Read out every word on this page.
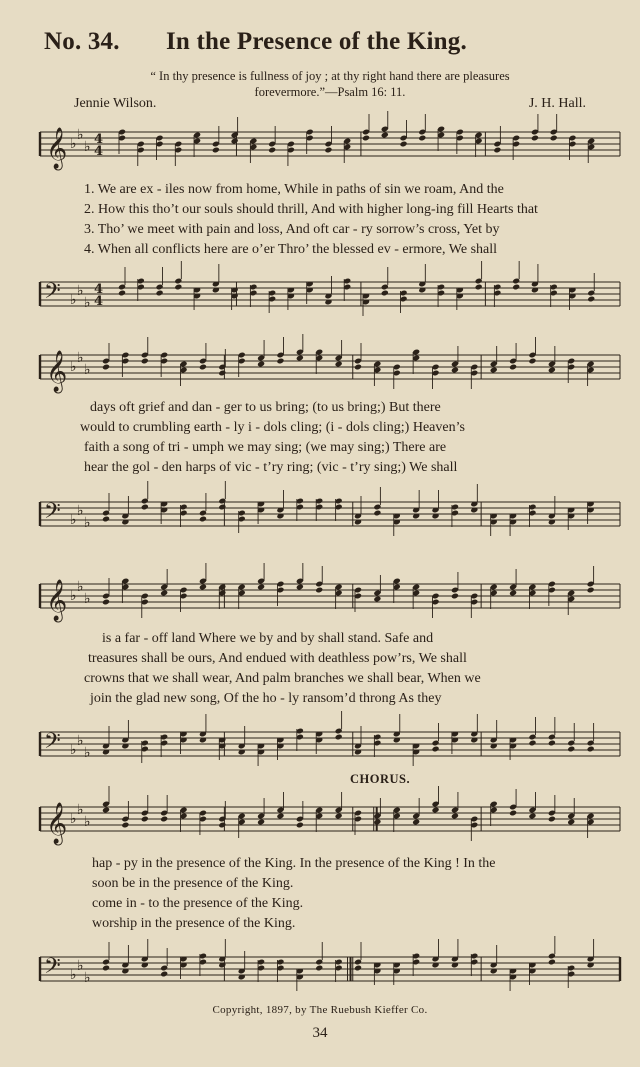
No. 34. In the Presence of the King.
“ In thy presence is fullness of joy ; at thy right hand there are pleasures
forevermore.”—Psalm 16: 11.
Jennie Wilson.	J. H. Hall.
𝄞 ♭
♭
♭ 4
4
1. We are ex - iles now from home, While in paths of sin we roam, And the
2. How this tho’t our souls should thrill, And with higher long-ing fill Hearts that
3. Tho’ we meet with pain and loss, And oft car - ry sorrow’s cross, Yet by
4. When all conflicts here are o’er Thro’ the blessed ev - ermore, We shall
𝄢 ♭
♭
♭
4
4
𝄞 ♭
♭
♭
days oft grief and dan - ger to us bring; (to us bring;) But there
would to crumbling earth - ly i - dols cling; (i - dols cling;) Heaven’s
faith a song of tri - umph we may sing; (we may sing;) There are
hear the gol - den harps of vic - t’ry ring; (vic - t’ry sing;) We shall
𝄢 ♭
♭
♭
𝄞 ♭
♭
♭
is a far - off land Where we by and by shall stand. Safe and
treasures shall be ours, And endued with deathless pow’rs, We shall
crowns that we shall wear, And palm branches we shall bear, When we
join the glad new song, Of the ho - ly ransom’d throng As they
𝄢 ♭
♭
♭
CHORUS.
𝄞 ♭
♭
♭
hap - py in the presence of the King. In the presence of the King ! In the
soon be in the presence of the King.
come in - to the presence of the King.
worship in the presence of the King.
𝄢 ♭
♭
♭
Copyright, 1897, by The Ruebush Kieffer Co.
34
